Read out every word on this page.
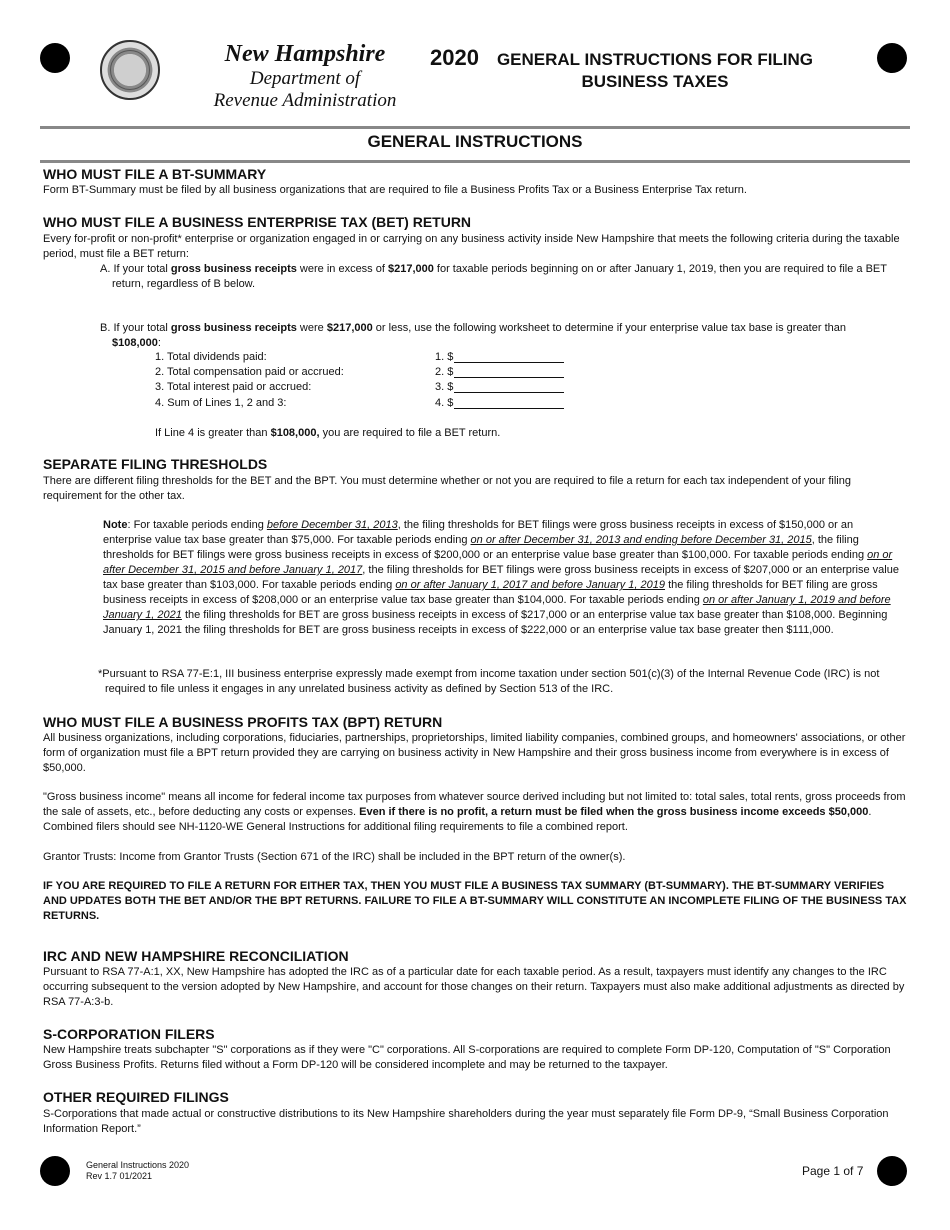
New Hampshire
Department of
Revenue Administration
2020	GENERAL INSTRUCTIONS FOR FILING
BUSINESS TAXES
GENERAL INSTRUCTIONS
WHO MUST FILE A BT-SUMMARY

Form BT-Summary must be filed by all business organizations that are required to file a Business Profits Tax or a Business Enterprise Tax return.

WHO MUST FILE A BUSINESS ENTERPRISE TAX (BET) RETURN

Every for-profit or non-profit* enterprise or organization engaged in or carrying on any business activity inside New Hampshire that meets the following criteria during the taxable period, must file a BET return:

A. If your total gross business receipts were in excess of $217,000 for taxable periods beginning on or after January 1, 2019, then you are required to file a BET return, regardless of B below.

B. If your total gross business receipts were $217,000 or less, use the following worksheet to determine if your enterprise value tax base is greater than $108,000:

1. Total dividends paid:	1. $
2. Total compensation paid or accrued:	2. $
3. Total interest paid or accrued:	3. $
4. Sum of Lines 1, 2 and 3:	4. $

If Line 4 is greater than $108,000, you are required to file a BET return.

SEPARATE FILING THRESHOLDS

There are different filing thresholds for the BET and the BPT. You must determine whether or not you are required to file a return for each tax independent of your filing requirement for the other tax.

Note: For taxable periods ending before December 31, 2013, the filing thresholds for BET filings were gross business receipts in excess of $150,000 or an enterprise value tax base greater than $75,000. For taxable periods ending on or after December 31, 2013 and ending before December 31, 2015, the filing thresholds for BET filings were gross business receipts in excess of $200,000 or an enterprise value base greater than $100,000. For taxable periods ending on or after December 31, 2015 and before January 1, 2017, the filing thresholds for BET filings were gross business receipts in excess of $207,000 or an enterprise value tax base greater than $103,000. For taxable periods ending on or after January 1, 2017 and before January 1, 2019 the filing thresholds for BET filing are gross business receipts in excess of $208,000 or an enterprise value tax base greater than $104,000. For taxable periods ending on or after January 1, 2019 and before January 1, 2021 the filing thresholds for BET are gross business receipts in excess of $217,000 or an enterprise value tax base greater than $108,000. Beginning January 1, 2021 the filing thresholds for BET are gross business receipts in excess of $222,000 or an enterprise value tax base greater then $111,000.

*Pursuant to RSA 77-E:1, III business enterprise expressly made exempt from income taxation under section 501(c)(3) of the Internal Revenue Code (IRC) is not required to file unless it engages in any unrelated business activity as defined by Section 513 of the IRC.

WHO MUST FILE A BUSINESS PROFITS TAX (BPT) RETURN

All business organizations, including corporations, fiduciaries, partnerships, proprietorships, limited liability companies, combined groups, and homeowners' associations, or other form of organization must file a BPT return provided they are carrying on business activity in New Hampshire and their gross business income from everywhere is in excess of $50,000.

"Gross business income" means all income for federal income tax purposes from whatever source derived including but not limited to: total sales, total rents, gross proceeds from the sale of assets, etc., before deducting any costs or expenses. Even if there is no profit, a return must be filed when the gross business income exceeds $50,000. Combined filers should see NH-1120-WE General Instructions for additional filing requirements to file a combined report.

Grantor Trusts: Income from Grantor Trusts (Section 671 of the IRC) shall be included in the BPT return of the owner(s).

IF YOU ARE REQUIRED TO FILE A RETURN FOR EITHER TAX, THEN YOU MUST FILE A BUSINESS TAX SUMMARY (BT-SUMMARY). THE BT-SUMMARY VERIFIES AND UPDATES BOTH THE BET AND/OR THE BPT RETURNS. FAILURE TO FILE A BT-SUMMARY WILL CONSTITUTE AN INCOMPLETE FILING OF THE BUSINESS TAX RETURNS.

IRC AND NEW HAMPSHIRE RECONCILIATION

Pursuant to RSA 77-A:1, XX, New Hampshire has adopted the IRC as of a particular date for each taxable period. As a result, taxpayers must identify any changes to the IRC occurring subsequent to the version adopted by New Hampshire, and account for those changes on their return. Taxpayers must also make additional adjustments as directed by RSA 77-A:3-b.

S-CORPORATION FILERS

New Hampshire treats subchapter "S" corporations as if they were "C" corporations. All S-corporations are required to complete Form DP-120, Computation of "S" Corporation Gross Business Profits. Returns filed without a Form DP-120 will be considered incomplete and may be returned to the taxpayer.

OTHER REQUIRED FILINGS

S-Corporations that made actual or constructive distributions to its New Hampshire shareholders during the year must separately file Form DP-9, “Small Business Corporation Information Report.”

General Instructions 2020
Rev 1.7 01/2021	Page 1 of 7
